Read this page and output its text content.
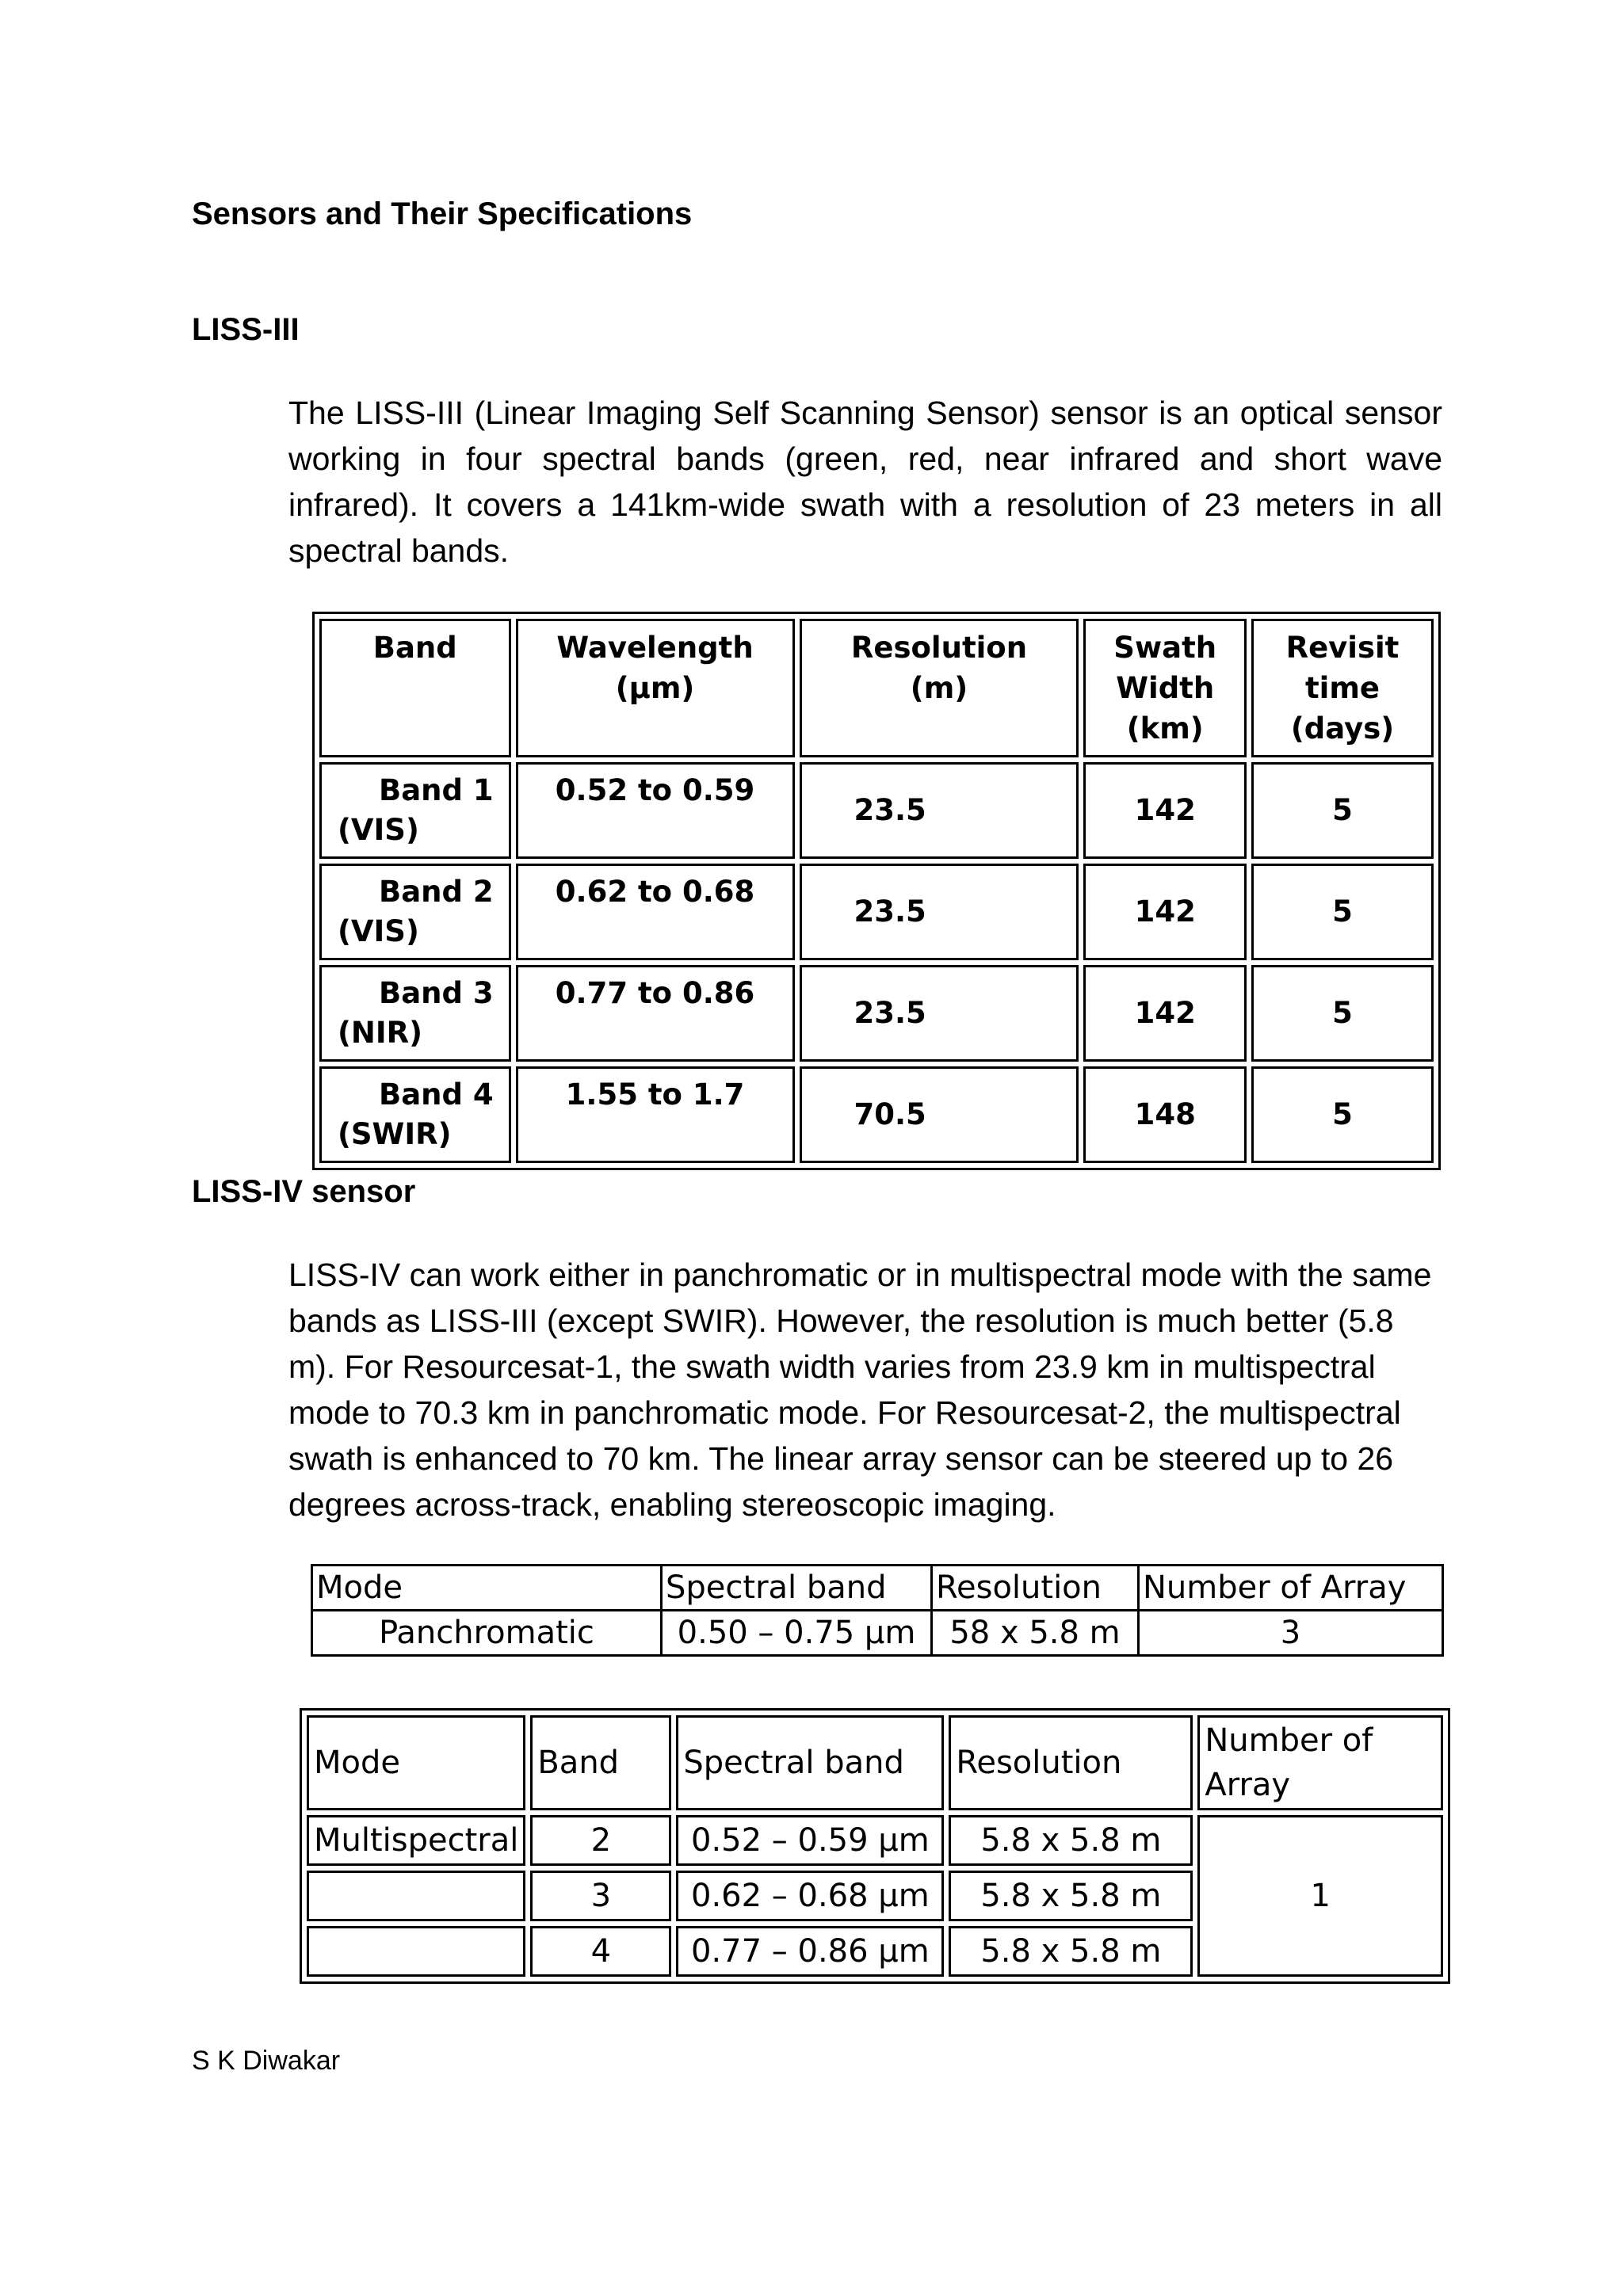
Sensors and Their Specifications
LISS-III
The LISS-III (Linear Imaging Self Scanning Sensor) sensor is an optical sensor working in four spectral bands (green, red, near infrared and short wave infrared). It covers a 141km-wide swath with a resolution of 23 meters in all spectral bands.
Band	Wavelength (μm)	Resolution (m)	Swath Width (km)	Revisit time (days)

Band 1
(VIS)	0.52 to 0.59	23.5	142	5

Band 2
(VIS)	0.62 to 0.68	23.5	142	5

Band 3
(NIR)	0.77 to 0.86	23.5	142	5

Band 4
(SWIR)	1.55 to 1.7	70.5	148	5
LISS-IV sensor
LISS-IV can work either in panchromatic or in multispectral mode with the same bands as LISS-III (except SWIR). However, the resolution is much better (5.8 m). For Resourcesat-1, the swath width varies from 23.9 km in multispectral mode to 70.3 km in panchromatic mode. For Resourcesat-2, the multispectral swath is enhanced to 70 km. The linear array sensor can be steered up to 26 degrees across-track, enabling stereoscopic imaging.
Mode	Spectral band	Resolution	Number of Array
Panchromatic	0.50 – 0.75 μm	58 x 5.8 m	3
Mode	Band	Spectral band	Resolution	Number of Array
Multispectral	2	0.52 – 0.59 μm	5.8 x 5.8 m	1
	3	0.62 – 0.68 μm	5.8 x 5.8 m	
	4	0.77 – 0.86 μm	5.8 x 5.8 m	
S K Diwakar
